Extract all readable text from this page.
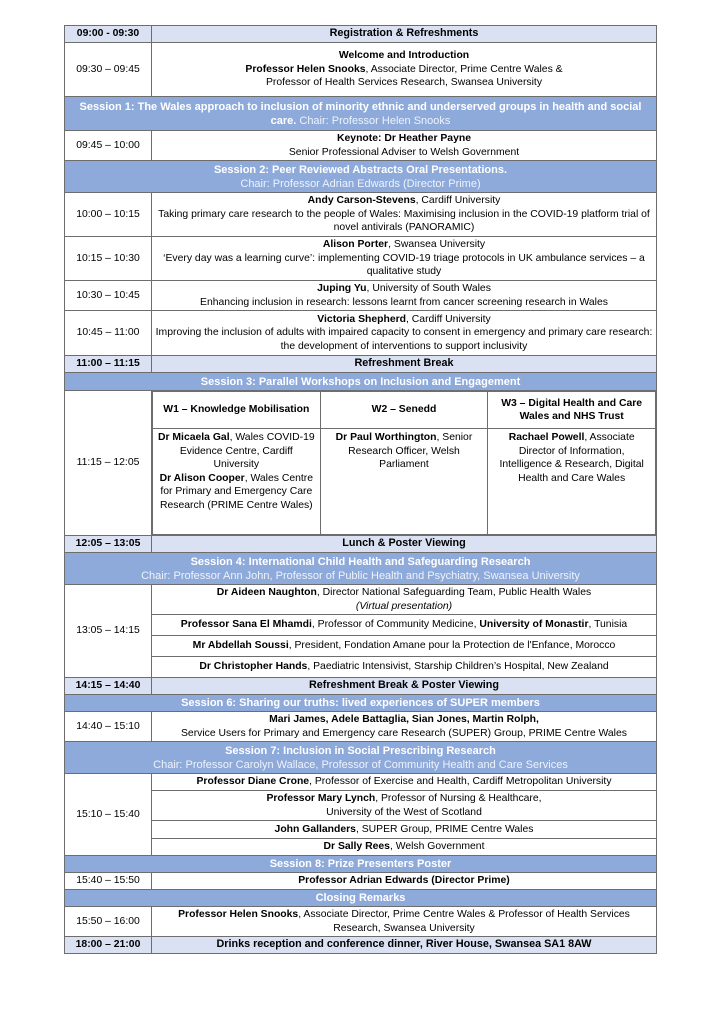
09:00 - 09:30	Registration & Refreshments
09:30 – 09:45	
Welcome and Introduction
Professor Helen Snooks, Associate Director, Prime Centre Wales &
Professor of Health Services Research, Swansea University

Session 1: The Wales approach to inclusion of minority ethnic and underserved groups in health and social care. Chair: Professor Helen Snooks
09:45 – 10:00	
Keynote: Dr Heather Payne
Senior Professional Adviser to Welsh Government

Session 2: Peer Reviewed Abstracts Oral Presentations.
Chair: Professor Adrian Edwards (Director Prime)

10:00 – 10:15	
Andy Carson-Stevens, Cardiff University
Taking primary care research to the people of Wales: Maximising inclusion in the COVID-19 platform trial of novel antivirals (PANORAMIC)

10:15 – 10:30	
Alison Porter, Swansea University
‘Every day was a learning curve’: implementing COVID-19 triage protocols in UK ambulance services – a qualitative study

10:30 – 10:45	
Juping Yu, University of South Wales
Enhancing inclusion in research: lessons learnt from cancer screening research in Wales

10:45 – 11:00	
Victoria Shepherd, Cardiff University
Improving the inclusion of adults with impaired capacity to consent in emergency and primary care research: the development of interventions to support inclusivity

11:00 – 11:15	Refreshment Break
Session 3: Parallel Workshops on Inclusion and Engagement
11:15 – 12:05	
W1 – Knowledge Mobilisation	W2 – Senedd	W3 – Digital Health and Care Wales and NHS Trust

Dr Micaela Gal, Wales COVID-19 Evidence Centre, Cardiff University
Dr Alison Cooper, Wales Centre for Primary and Emergency Care Research (PRIME Centre Wales)

Dr Paul Worthington, Senior Research Officer, Welsh Parliament

Rachael Powell, Associate Director of Information, Intelligence & Research, Digital Health and Care Wales

12:05 – 13:05	Lunch & Poster Viewing

Session 4: International Child Health and Safeguarding Research
Chair: Professor Ann John, Professor of Public Health and Psychiatry, Swansea University

13:05 – 14:15	
Dr Aideen Naughton, Director National Safeguarding Team, Public Health Wales
(Virtual presentation)

Professor Sana El Mhamdi, Professor of Community Medicine, University of Monastir, Tunisia
Mr Abdellah Soussi, President, Fondation Amane pour la Protection de l'Enfance, Morocco
Dr Christopher Hands, Paediatric Intensivist, Starship Children’s Hospital, New Zealand
14:15 – 14:40	Refreshment Break & Poster Viewing
Session 6: Sharing our truths: lived experiences of SUPER members
14:40 – 15:10	
Mari James, Adele Battaglia, Sian Jones, Martin Rolph,
Service Users for Primary and Emergency care Research (SUPER) Group, PRIME Centre Wales

Session 7: Inclusion in Social Prescribing Research
Chair: Professor Carolyn Wallace, Professor of Community Health and Care Services

15:10 – 15:40	Professor Diane Crone, Professor of Exercise and Health, Cardiff Metropolitan University

Professor Mary Lynch, Professor of Nursing & Healthcare,
University of the West of Scotland

John Gallanders, SUPER Group, PRIME Centre Wales
Dr Sally Rees, Welsh Government
Session 8: Prize Presenters Poster
15:40 – 15:50	Professor Adrian Edwards (Director Prime)
Closing Remarks
15:50 – 16:00	Professor Helen Snooks, Associate Director, Prime Centre Wales & Professor of Health Services Research, Swansea University
18:00 – 21:00	Drinks reception and conference dinner, River House, Swansea SA1 8AW
